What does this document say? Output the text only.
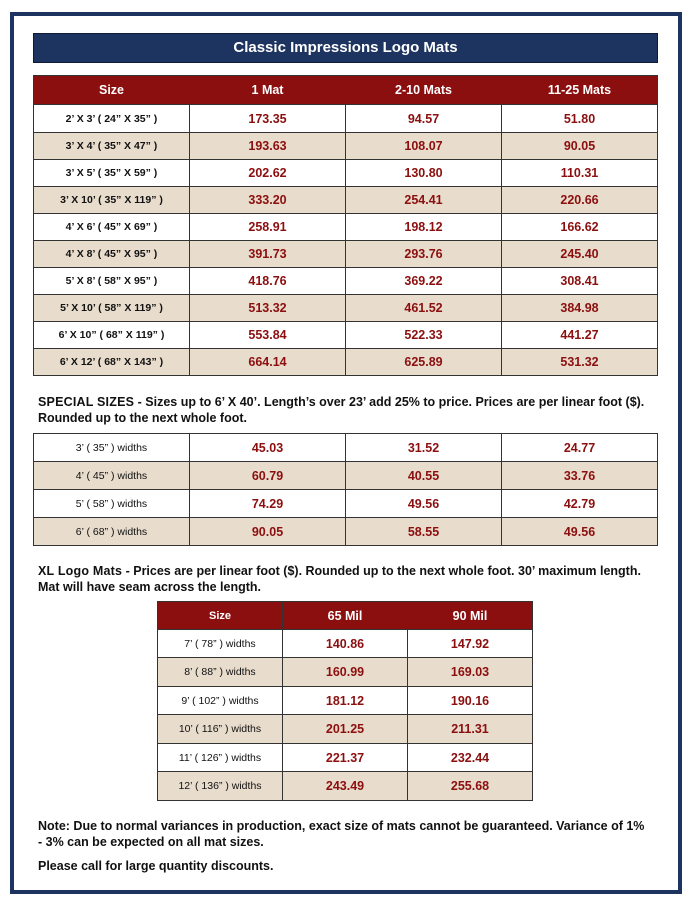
Classic Impressions Logo Mats
Size	1 Mat	2-10 Mats	11-25 Mats
2’ X 3’ ( 24” X 35” )	173.35	94.57	51.80
3’ X 4’ ( 35” X 47” )	193.63	108.07	90.05
3’ X 5’ ( 35” X 59” )	202.62	130.80	110.31
3’ X 10’ ( 35” X 119” )	333.20	254.41	220.66
4’ X 6’ ( 45” X 69” )	258.91	198.12	166.62
4’ X 8’ ( 45” X 95” )	391.73	293.76	245.40
5’ X 8’ ( 58” X 95” )	418.76	369.22	308.41
5’ X 10’ ( 58” X 119” )	513.32	461.52	384.98
6’ X 10” ( 68” X 119” )	553.84	522.33	441.27
6’ X 12’ ( 68” X 143” )	664.14	625.89	531.32
SPECIAL SIZES - Sizes up to 6’ X 40’. Length’s over 23’ add 25% to price. Prices are per linear foot ($). Rounded up to the next whole foot.
3’ ( 35” ) widths	45.03	31.52	24.77
4’ ( 45” ) widths	60.79	40.55	33.76
5’ ( 58” ) widths	74.29	49.56	42.79
6’ ( 68” ) widths	90.05	58.55	49.56
XL Logo Mats - Prices are per linear foot ($). Rounded up to the next whole foot. 30’ maximum length. Mat will have seam across the length.
Size	65 Mil	90 Mil
7’ ( 78” ) widths	140.86	147.92
8’ ( 88” ) widths	160.99	169.03
9’ ( 102” ) widths	181.12	190.16
10’ ( 116” ) widths	201.25	211.31
11’ ( 126” ) widths	221.37	232.44
12’ ( 136” ) widths	243.49	255.68
Note: Due to normal variances in production, exact size of mats cannot be guaranteed. Variance of 1% - 3% can be expected on all mat sizes.
Please call for large quantity discounts.
